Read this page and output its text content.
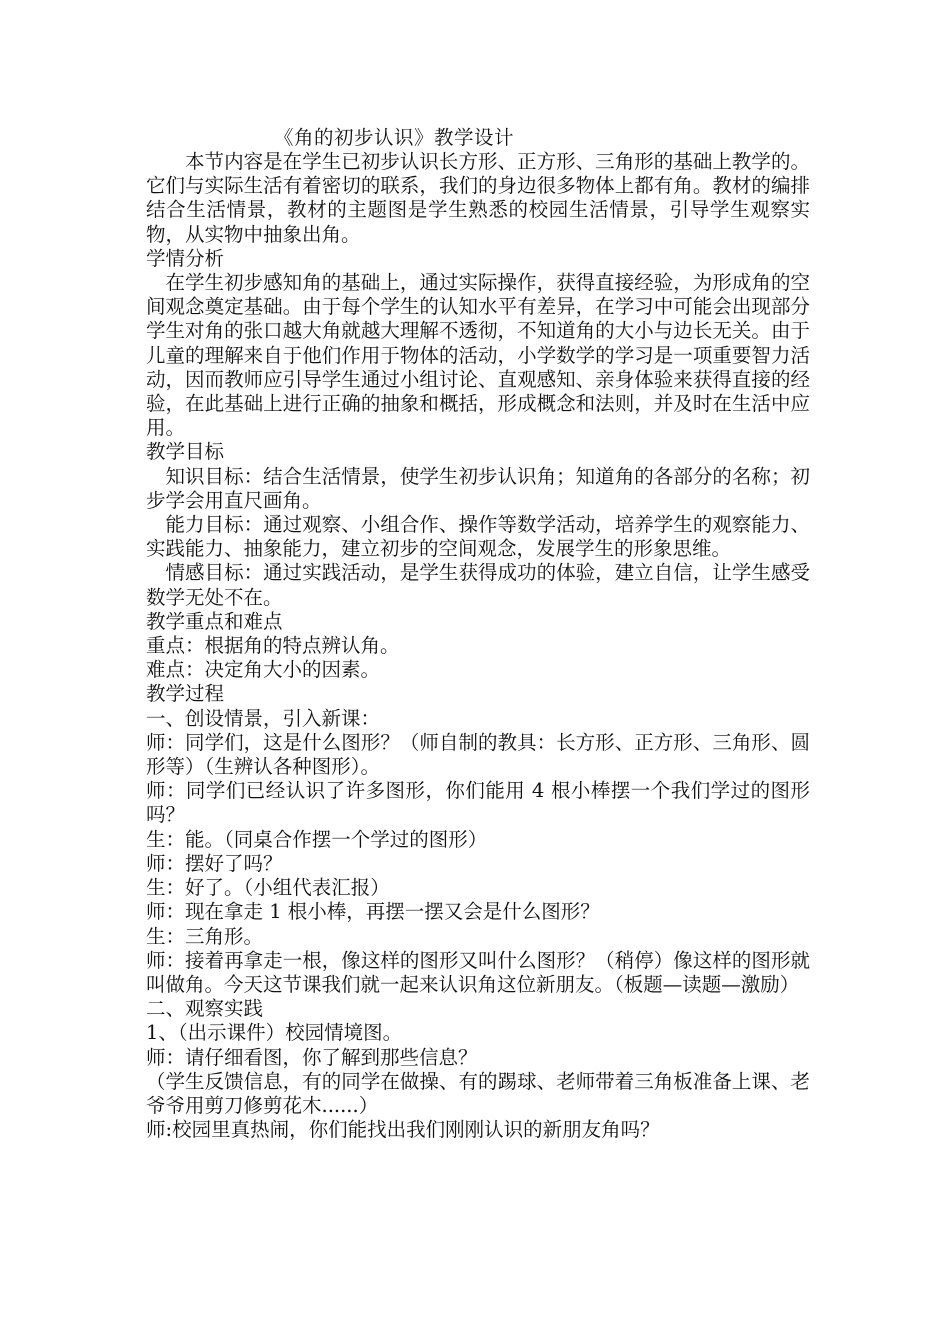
《角的初步认识》教学设计

本节内容是在学生已初步认识长方形、正方形、三角形的基础上教学的。它们与实际生活有着密切的联系，我们的身边很多物体上都有角。教材的编排结合生活情景，教材的主题图是学生熟悉的校园生活情景，引导学生观察实物，从实物中抽象出角。

学情分析

在学生初步感知角的基础上，通过实际操作，获得直接经验，为形成角的空间观念奠定基础。由于每个学生的认知水平有差异，在学习中可能会出现部分学生对角的张口越大角就越大理解不透彻，不知道角的大小与边长无关。由于儿童的理解来自于他们作用于物体的活动，小学数学的学习是一项重要智力活动，因而教师应引导学生通过小组讨论、直观感知、亲身体验来获得直接的经验，在此基础上进行正确的抽象和概括，形成概念和法则，并及时在生活中应用。

教学目标

知识目标：结合生活情景，使学生初步认识角；知道角的各部分的名称；初步学会用直尺画角。

能力目标：通过观察、小组合作、操作等数学活动，培养学生的观察能力、实践能力、抽象能力，建立初步的空间观念，发展学生的形象思维。

情感目标：通过实践活动，是学生获得成功的体验，建立自信，让学生感受数学无处不在。

教学重点和难点

重点：根据角的特点辨认角。

难点：决定角大小的因素。

教学过程

一、创设情景，引入新课：

师：同学们，这是什么图形？（师自制的教具：长方形、正方形、三角形、圆形等）（生辨认各种图形）。

师：同学们已经认识了许多图形，你们能用 4 根小棒摆一个我们学过的图形吗？

生：能。（同桌合作摆一个学过的图形）

师：摆好了吗？

生：好了。（小组代表汇报）

师：现在拿走 1 根小棒，再摆一摆又会是什么图形？

生：三角形。

师：接着再拿走一根，像这样的图形又叫什么图形？（稍停）像这样的图形就叫做角。今天这节课我们就一起来认识角这位新朋友。（板题—读题—激励）

二、观察实践

1、（出示课件）校园情境图。

师：请仔细看图，你了解到那些信息？

（学生反馈信息，有的同学在做操、有的踢球、老师带着三角板准备上课、老爷爷用剪刀修剪花木......）

师:校园里真热闹，你们能找出我们刚刚认识的新朋友角吗？
